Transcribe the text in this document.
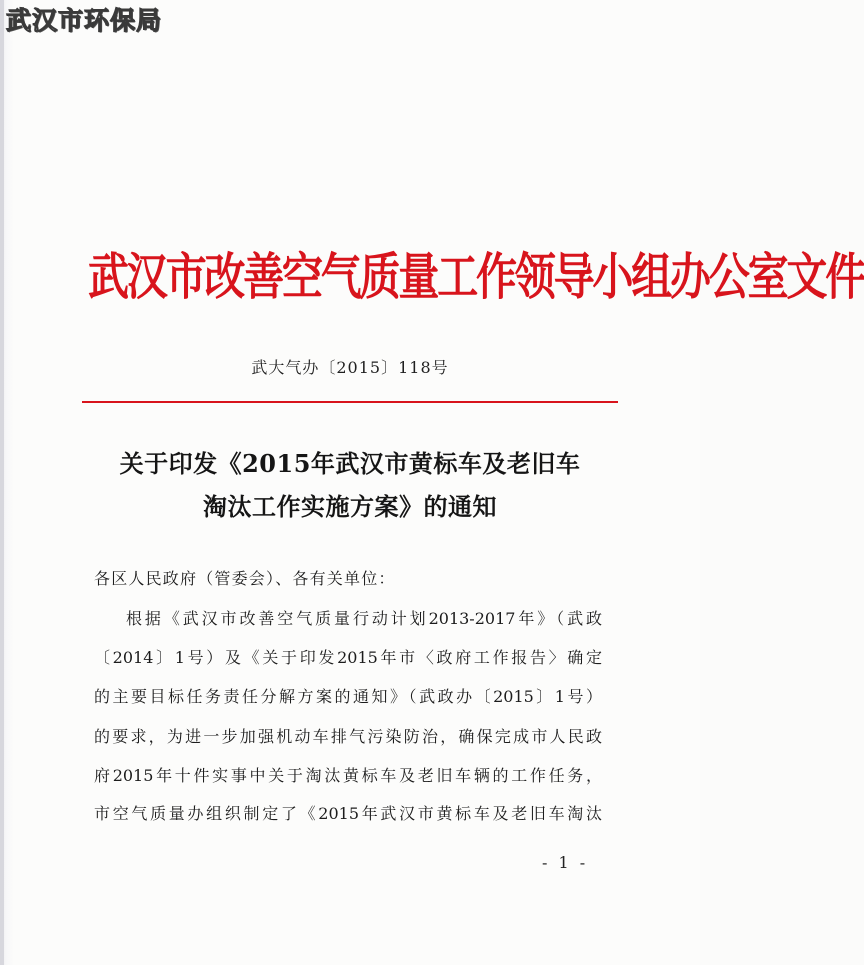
武汉市环保局
武汉市改善空气质量工作领导小组办公室文件
武大气办〔2015〕118号
关于印发《2015年武汉市黄标车及老旧车
淘汰工作实施方案》的通知
各区人民政府（管委会）、各有关单位：
根据《武汉市改善空气质量行动计划2013-2017年》（武政
〔2014〕1号）及《关于印发2015年市〈政府工作报告〉确定
的主要目标任务责任分解方案的通知》（武政办〔2015〕1号）
的要求，为进一步加强机动车排气污染防治，确保完成市人民政
府2015年十件实事中关于淘汰黄标车及老旧车辆的工作任务，
市空气质量办组织制定了《2015年武汉市黄标车及老旧车淘汰
- 1 -
